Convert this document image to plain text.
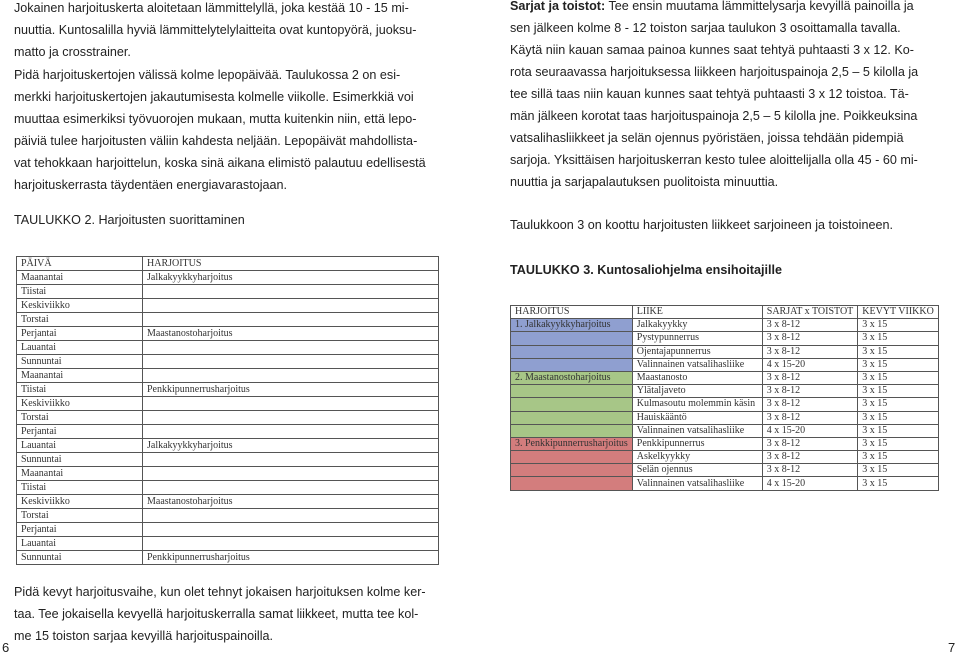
Jokainen harjoituskerta aloitetaan lämmittelyllä, joka kestää 10 - 15 mi-
nuuttia. Kuntosalilla hyviä lämmittelytelylaitteita ovat kuntopyörä, juoksu-
matto ja crosstrainer.
Pidä harjoituskertojen välissä kolme lepopäivää. Taulukossa 2 on esi-
merkki harjoituskertojen jakautumisesta kolmelle viikolle. Esimerkkiä voi
muuttaa esimerkiksi työvuorojen mukaan, mutta kuitenkin niin, että lepo-
päiviä tulee harjoitusten väliin kahdesta neljään. Lepopäivät mahdollista-
vat tehokkaan harjoittelun, koska sinä aikana elimistö palautuu edellisestä
harjoituskerrasta täydentäen energiavarastojaan.
TAULUKKO 2. Harjoitusten suorittaminen
PÄIVÄ	HARJOITUS
Maanantai	Jalkakyykkyharjoitus
Tiistai	
Keskiviikko	
Torstai	
Perjantai	Maastanostoharjoitus
Lauantai	
Sunnuntai	
Maanantai	
Tiistai	Penkkipunnerrusharjoitus
Keskiviikko	
Torstai	
Perjantai	
Lauantai	Jalkakyykkyharjoitus
Sunnuntai	
Maanantai	
Tiistai	
Keskiviikko	Maastanostoharjoitus
Torstai	
Perjantai	
Lauantai	
Sunnuntai	Penkkipunnerrusharjoitus
Pidä kevyt harjoitusvaihe, kun olet tehnyt jokaisen harjoituksen kolme ker-
taa. Tee jokaisella kevyellä harjoituskerralla samat liikkeet, mutta tee kol-
me 15 toiston sarjaa kevyillä harjoituspainoilla.
6
Sarjat ja toistot: Tee ensin muutama lämmittelysarja kevyillä painoilla ja
sen jälkeen kolme 8 - 12 toiston sarjaa taulukon 3 osoittamalla tavalla.
Käytä niin kauan samaa painoa kunnes saat tehtyä puhtaasti 3 x 12. Ko-
rota seuraavassa harjoituksessa liikkeen harjoituspainoja 2,5 – 5 kilolla ja
tee sillä taas niin kauan kunnes saat tehtyä puhtaasti 3 x 12 toistoa. Tä-
män jälkeen korotat taas harjoituspainoja 2,5 – 5 kilolla jne. Poikkeuksina
vatsalihasliikkeet ja selän ojennus pyöristäen, joissa tehdään pidempiä
sarjoja. Yksittäisen harjoituskerran kesto tulee aloittelijalla olla 45 - 60 mi-
nuuttia ja sarjapalautuksen puolitoista minuuttia.
Taulukkoon 3 on koottu harjoitusten liikkeet sarjoineen ja toistoineen.
TAULUKKO 3. Kuntosaliohjelma ensihoitajille
HARJOITUS	LIIKE	SARJAT x TOISTOT	KEVYT VIIKKO
1. Jalkakyykkyharjoitus	Jalkakyykky	3 x 8-12	3 x 15
	Pystypunnerrus	3 x 8-12	3 x 15
	Ojentajapunnerrus	3 x 8-12	3 x 15
	Valinnainen vatsalihasliike	4 x 15-20	3 x 15
2. Maastanostoharjoitus	Maastanosto	3 x 8-12	3 x 15
	Ylätaljaveto	3 x 8-12	3 x 15
	Kulmasoutu molemmin käsin	3 x 8-12	3 x 15
	Hauiskääntö	3 x 8-12	3 x 15
	Valinnainen vatsalihasliike	4 x 15-20	3 x 15
3. Penkkipunnerrusharjoitus	Penkkipunnerrus	3 x 8-12	3 x 15
	Askelkyykky	3 x 8-12	3 x 15
	Selän ojennus	3 x 8-12	3 x 15
	Valinnainen vatsalihasliike	4 x 15-20	3 x 15
7
